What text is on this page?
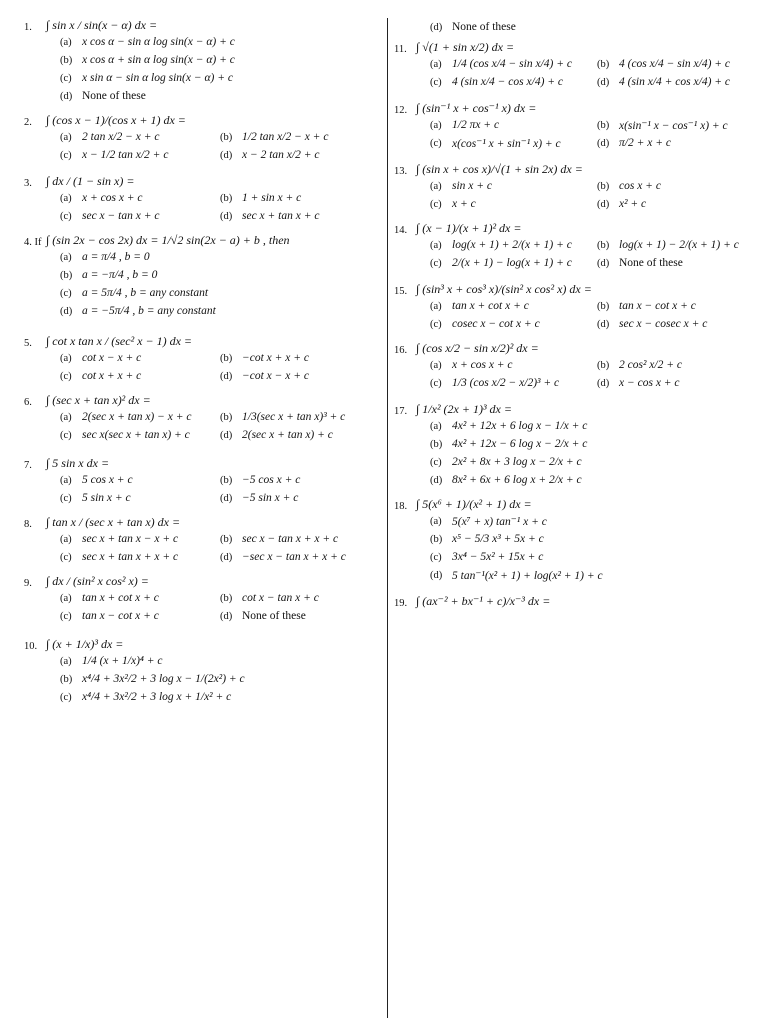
1.	∫ sin x / sin(x − α) dx =
(a) x cos α − sin α log sin(x − α) + c
(b) x cos α + sin α log sin(x − α) + c
(c) x sin α − sin α log sin(x − α) + c
(d) None of these
2.	∫ (cos x − 1)/(cos x + 1) dx =
(a) 2 tan x/2 − x + c	(b) 1/2 tan x/2 − x + c
(c) x − 1/2 tan x/2 + c	(d) x − 2 tan x/2 + c
3.	∫ dx / (1 − sin x) =
(a) x + cos x + c	(b) 1 + sin x + c
(c) sec x − tan x + c	(d) sec x + tan x + c
4. If ∫ (sin 2x − cos 2x) dx = 1/√2 sin(2x − a) + b , then
(a) a = π/4 , b = 0
(b) a = −π/4 , b = 0
(c) a = 5π/4 , b = any constant
(d) a = −5π/4 , b = any constant
5.	∫ cot x tan x / (sec² x − 1) dx =
(a) cot x − x + c	(b) −cot x + x + c
(c) cot x + x + c	(d) −cot x − x + c
6.	∫ (sec x + tan x)² dx =
(a) 2(sec x + tan x) − x + c	(b) 1/3(sec x + tan x)³ + c
(c) sec x(sec x + tan x) + c	(d) 2(sec x + tan x) + c
7.	∫ 5 sin x dx =
(a) 5 cos x + c	(b) −5 cos x + c
(c) 5 sin x + c	(d) −5 sin x + c
8.	∫ tan x / (sec x + tan x) dx =
(a) sec x + tan x − x + c	(b) sec x − tan x + x + c
(c) sec x + tan x + x + c	(d) −sec x − tan x + x + c
9.	∫ dx / (sin² x cos² x) =
(a) tan x + cot x + c	(b) cot x − tan x + c
(c) tan x − cot x + c	(d) None of these
10. ∫ (x + 1/x)³ dx =
(a) 1/4 (x + 1/x)⁴ + c
(b) x⁴/4 + 3x²/2 + 3 log x − 1/(2x²) + c
(c) x⁴/4 + 3x²/2 + 3 log x + 1/x² + c
(d) None of these
11. ∫ √(1 + sin x/2) dx =
(a) 1/4 (cos x/4 − sin x/4) + c (b) 4 (cos x/4 − sin x/4) + c
(c) 4 (sin x/4 − cos x/4) + c	(d) 4 (sin x/4 + cos x/4) + c
12. ∫ (sin⁻¹ x + cos⁻¹ x) dx =
(a) 1/2 πx + c	(b) x(sin⁻¹ x − cos⁻¹ x) + c
(c) x(cos⁻¹ x + sin⁻¹ x) + c	(d) π/2 + x + c
13. ∫ (sin x + cos x)/√(1 + sin 2x) dx =
(a) sin x + c	(b) cos x + c
(c) x + c	(d) x² + c
14. ∫ (x − 1)/(x + 1)² dx =
(a) log(x + 1) + 2/(x + 1) + c (b) log(x + 1) − 2/(x + 1) + c
(c) 2/(x + 1) − log(x + 1) + c (d) None of these
15. ∫ (sin³ x + cos³ x)/(sin² x cos² x) dx =
(a) tan x + cot x + c	(b) tan x − cot x + c
(c) cosec x − cot x + c	(d) sec x − cosec x + c
16. ∫ (cos x/2 − sin x/2)² dx =
(a) x + cos x + c	(b) 2 cos² x/2 + c
(c) 1/3 (cos x/2 − x/2)³ + c	(d) x − cos x + c
17. ∫ 1/x² (2x + 1)³ dx =
(a) 4x² + 12x + 6 log x − 1/x + c
(b) 4x² + 12x − 6 log x − 2/x + c
(c) 2x² + 8x + 3 log x − 2/x + c
(d) 8x² + 6x + 6 log x + 2/x + c
18. ∫ 5(x⁶ + 1)/(x² + 1) dx =
(a) 5(x⁷ + x) tan⁻¹ x + c
(b) x⁵ − 5/3 x³ + 5x + c
(c) 3x⁴ − 5x² + 15x + c
(d) 5 tan⁻¹(x² + 1) + log(x² + 1) + c
19. ∫ (ax⁻² + bx⁻¹ + c)/x⁻³ dx =
